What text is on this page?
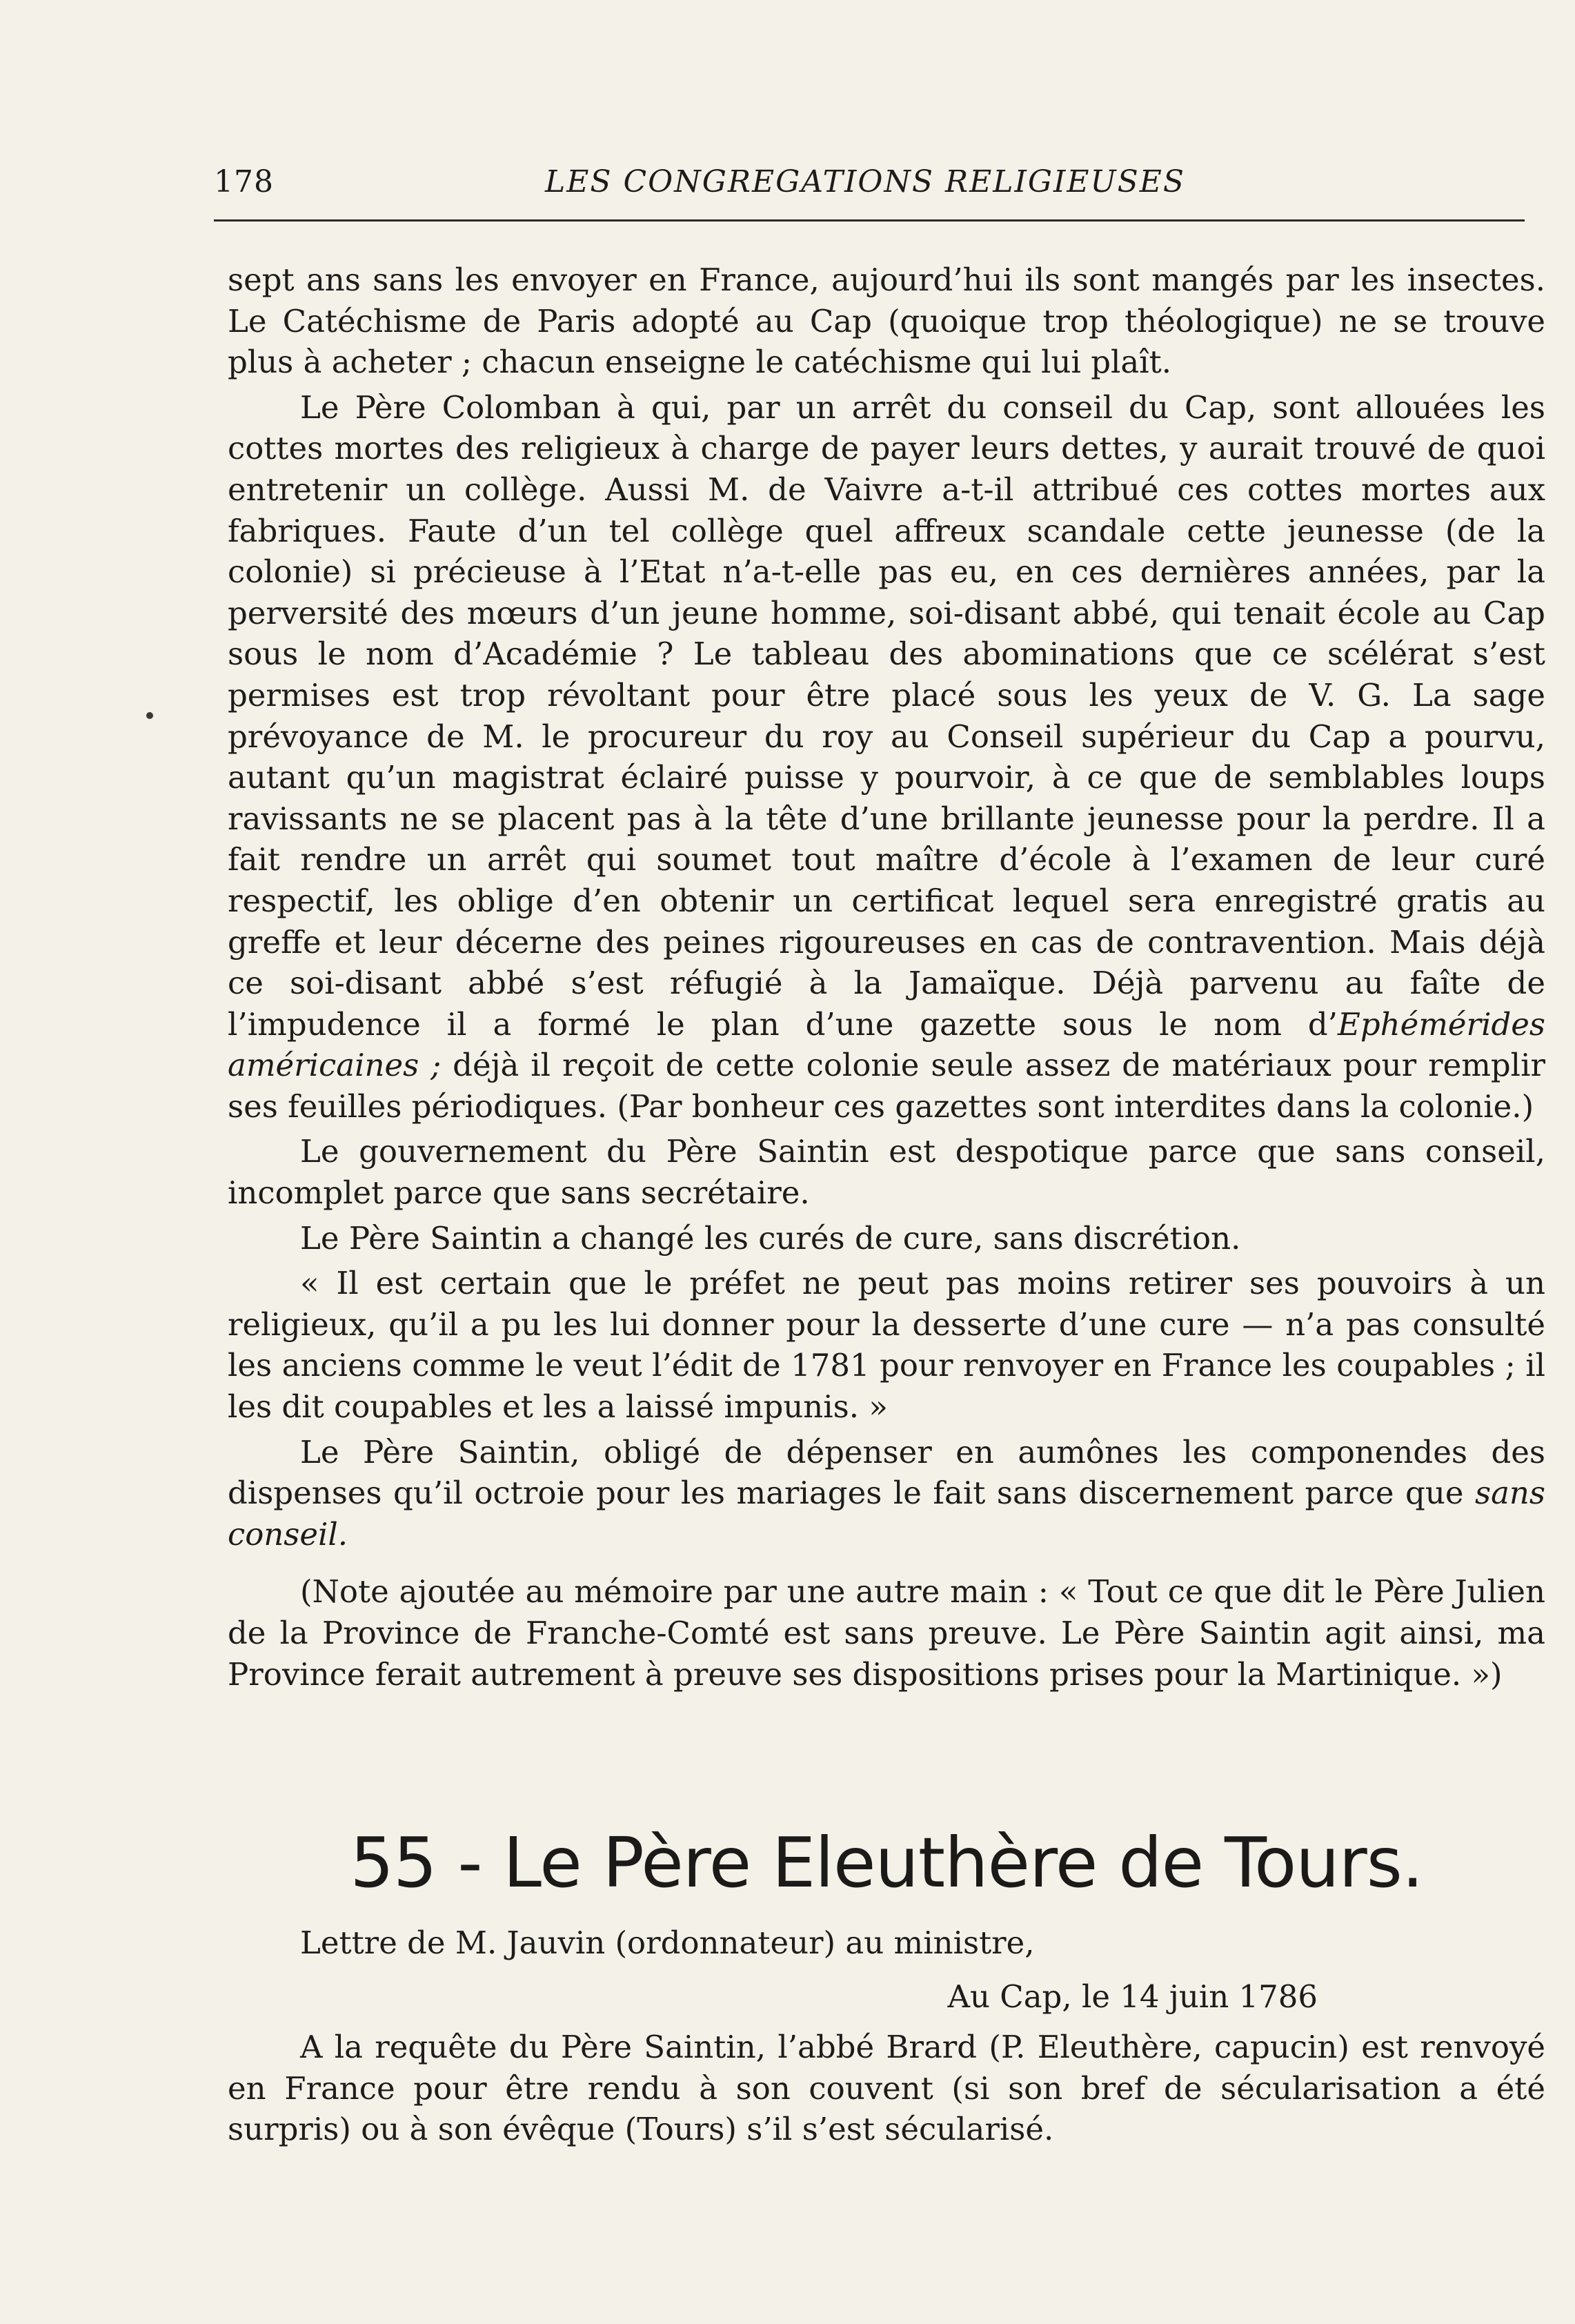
178	LES CONGREGATIONS RELIGIEUSES

sept ans sans les envoyer en France, aujourd’hui ils sont mangés par les insectes. Le Catéchisme de Paris adopté au Cap (quoique trop théologique) ne se trouve plus à acheter ; chacun enseigne le catéchisme qui lui plaît.

Le Père Colomban à qui, par un arrêt du conseil du Cap, sont allouées les cottes mortes des religieux à charge de payer leurs dettes, y aurait trouvé de quoi entretenir un collège. Aussi M. de Vaivre a-t-il attribué ces cottes mortes aux fabriques. Faute d’un tel collège quel affreux scandale cette jeunesse (de la colonie) si précieuse à l’Etat n’a-t-elle pas eu, en ces dernières années, par la perversité des mœurs d’un jeune homme, soi-disant abbé, qui tenait école au Cap sous le nom d’Académie ? Le tableau des abominations que ce scélérat s’est permises est trop révoltant pour être placé sous les yeux de V. G. La sage prévoyance de M. le procureur du roy au Conseil supérieur du Cap a pourvu, autant qu’un magistrat éclairé puisse y pourvoir, à ce que de semblables loups ravissants ne se placent pas à la tête d’une brillante jeunesse pour la perdre. Il a fait rendre un arrêt qui soumet tout maître d’école à l’examen de leur curé respectif, les oblige d’en obtenir un certificat lequel sera enregistré gratis au greffe et leur décerne des peines rigoureuses en cas de contravention. Mais déjà ce soi-disant abbé s’est réfugié à la Jamaïque. Déjà parvenu au faîte de l’impudence il a formé le plan d’une gazette sous le nom d’Ephémérides américaines ; déjà il reçoit de cette colonie seule assez de matériaux pour remplir ses feuilles périodiques. (Par bonheur ces gazettes sont interdites dans la colonie.)

Le gouvernement du Père Saintin est despotique parce que sans conseil, incomplet parce que sans secrétaire.

Le Père Saintin a changé les curés de cure, sans discrétion.

« Il est certain que le préfet ne peut pas moins retirer ses pouvoirs à un religieux, qu’il a pu les lui donner pour la desserte d’une cure — n’a pas consulté les anciens comme le veut l’édit de 1781 pour renvoyer en France les coupables ; il les dit coupables et les a laissé impunis. »

Le Père Saintin, obligé de dépenser en aumônes les componendes des dispenses qu’il octroie pour les mariages le fait sans discernement parce que sans conseil.

(Note ajoutée au mémoire par une autre main : « Tout ce que dit le Père Julien de la Province de Franche-Comté est sans preuve. Le Père Saintin agit ainsi, ma Province ferait autrement à preuve ses dispositions prises pour la Martinique. »)

55 - Le Père Eleuthère de Tours.

Lettre de M. Jauvin (ordonnateur) au ministre,

Au Cap, le 14 juin 1786

A la requête du Père Saintin, l’abbé Brard (P. Eleuthère, capucin) est renvoyé en France pour être rendu à son couvent (si son bref de sécularisation a été surpris) ou à son évêque (Tours) s’il s’est sécularisé.
